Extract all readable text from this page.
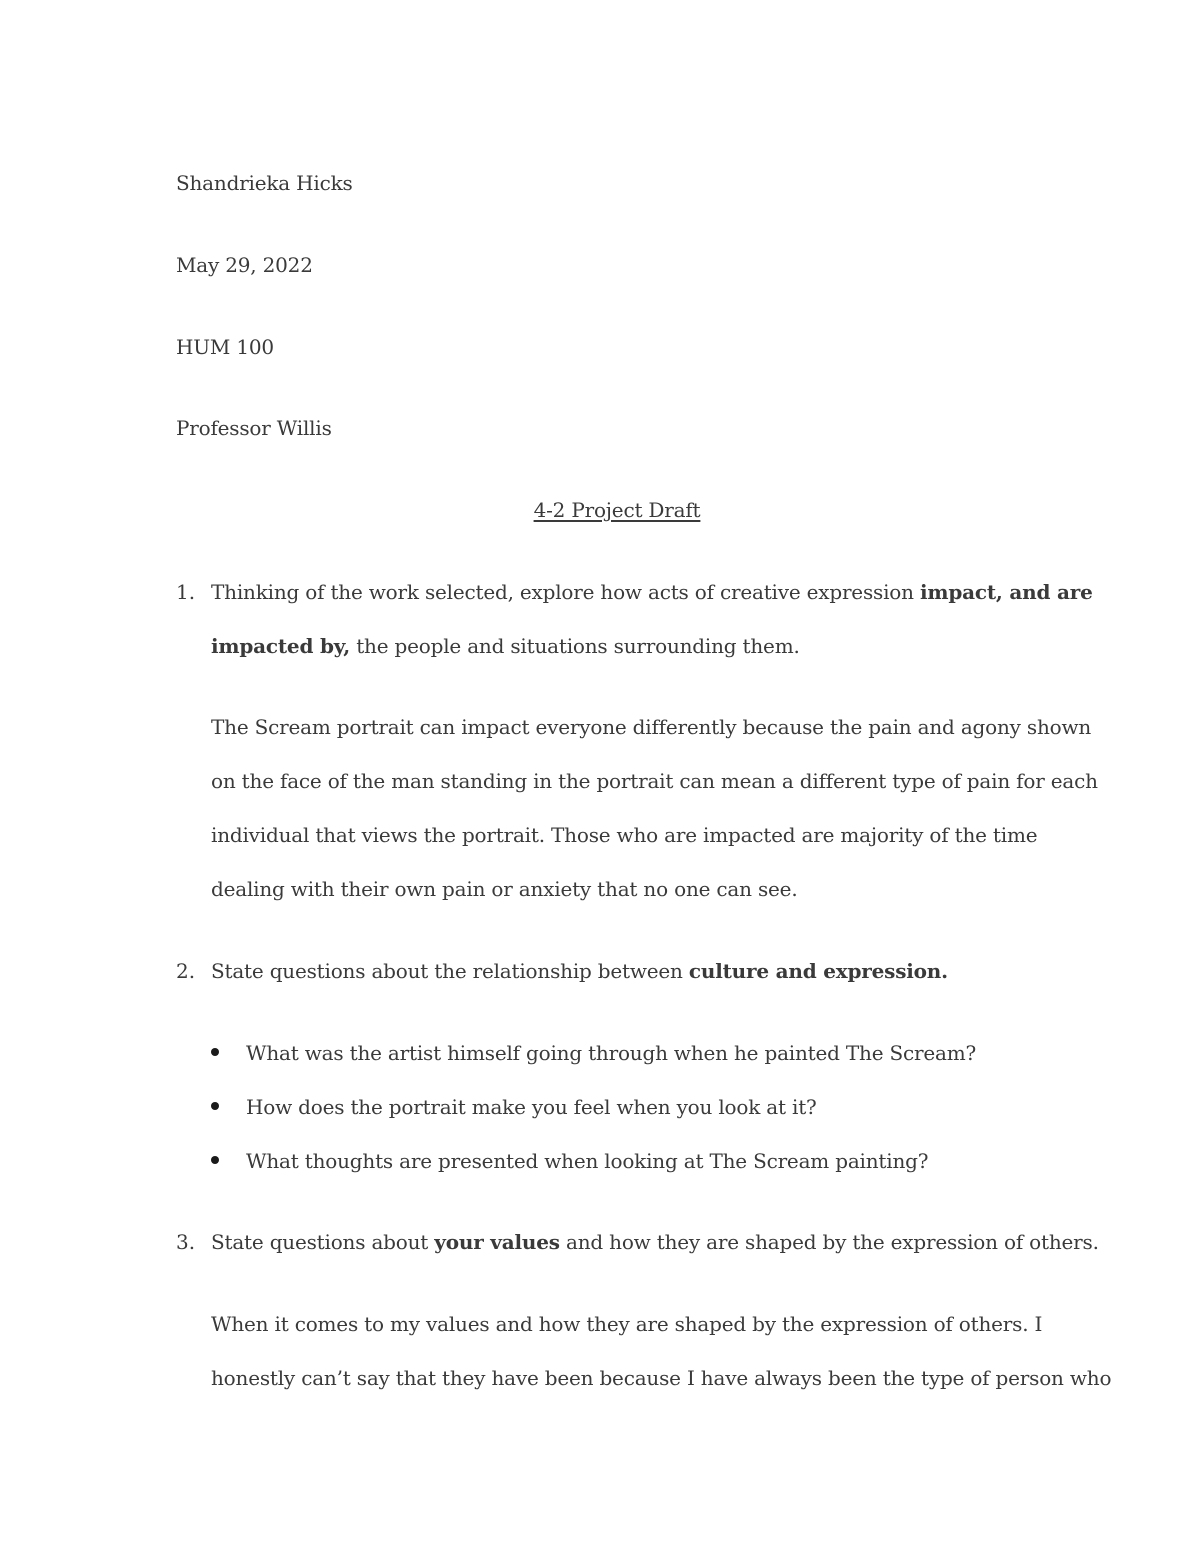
Shandrieka Hicks
May 29, 2022
HUM 100
Professor Willis
4-2 Project Draft
1. Thinking of the work selected, explore how acts of creative expression impact, and are
impacted by, the people and situations surrounding them.
The Scream portrait can impact everyone differently because the pain and agony shown
on the face of the man standing in the portrait can mean a different type of pain for each
individual that views the portrait. Those who are impacted are majority of the time
dealing with their own pain or anxiety that no one can see.
2. State questions about the relationship between culture and expression.
What was the artist himself going through when he painted The Scream?
How does the portrait make you feel when you look at it?
What thoughts are presented when looking at The Scream painting?
3. State questions about your values and how they are shaped by the expression of others.
When it comes to my values and how they are shaped by the expression of others. I
honestly can’t say that they have been because I have always been the type of person who
